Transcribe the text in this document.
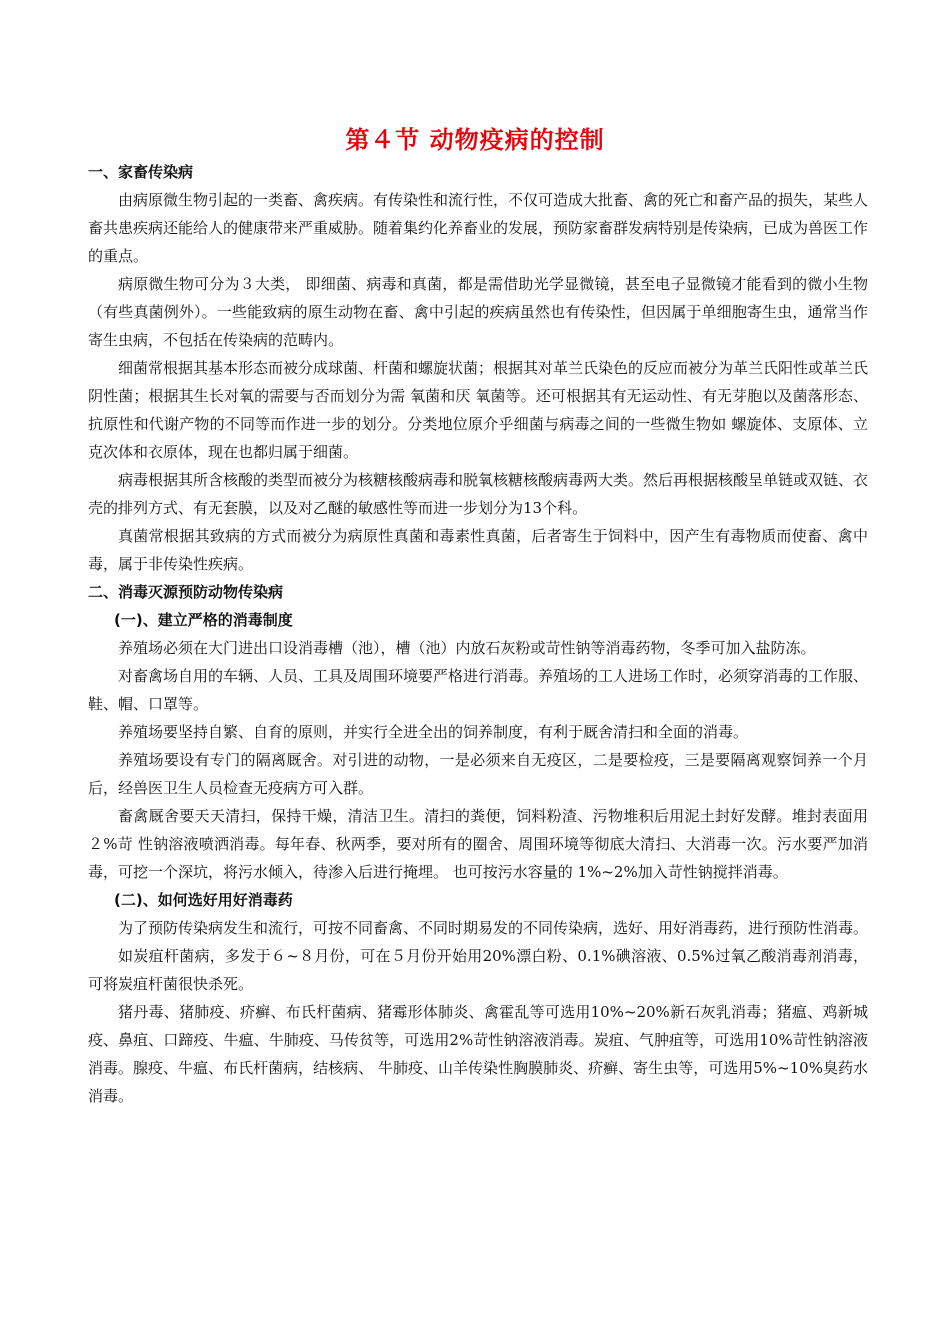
第４节 动物疫病的控制

一、家畜传染病

由病原微生物引起的一类畜、禽疾病。有传染性和流行性，不仅可造成大批畜、禽的死亡和畜产品的损失，某些人畜共患疾病还能给人的健康带来严重威胁。随着集约化养畜业的发展，预防家畜群发病特别是传染病，已成为兽医工作的重点。

病原微生物可分为３大类， 即细菌、病毒和真菌，都是需借助光学显微镜，甚至电子显微镜才能看到的微小生物（有些真菌例外）。一些能致病的原生动物在畜、禽中引起的疾病虽然也有传染性，但因属于单细胞寄生虫，通常当作寄生虫病，不包括在传染病的范畴内。

细菌常根据其基本形态而被分成球菌、杆菌和螺旋状菌；根据其对革兰氏染色的反应而被分为革兰氏阳性或革兰氏阴性菌；根据其生长对氧的需要与否而划分为需 氧菌和厌 氧菌等。还可根据其有无运动性、有无芽胞以及菌落形态、抗原性和代谢产物的不同等而作进一步的划分。分类地位原介乎细菌与病毒之间的一些微生物如 螺旋体、支原体、立克次体和衣原体，现在也都归属于细菌。

病毒根据其所含核酸的类型而被分为核糖核酸病毒和脱氧核糖核酸病毒两大类。然后再根据核酸呈单链或双链、衣壳的排列方式、有无套膜，以及对乙醚的敏感性等而进一步划分为13个科。

真菌常根据其致病的方式而被分为病原性真菌和毒素性真菌，后者寄生于饲料中，因产生有毒物质而使畜、禽中毒，属于非传染性疾病。

二、消毒灭源预防动物传染病

(一)、建立严格的消毒制度

养殖场必须在大门进出口设消毒槽（池），槽（池）内放石灰粉或苛性钠等消毒药物，冬季可加入盐防冻。

对畜禽场自用的车辆、人员、工具及周围环境要严格进行消毒。养殖场的工人进场工作时，必须穿消毒的工作服、鞋、帽、口罩等。

养殖场要坚持自繁、自育的原则，并实行全进全出的饲养制度，有利于厩舍清扫和全面的消毒。

养殖场要设有专门的隔离厩舍。对引进的动物，一是必须来自无疫区，二是要检疫，三是要隔离观察饲养一个月后，经兽医卫生人员检查无疫病方可入群。

畜禽厩舍要天天清扫，保持干燥，清洁卫生。清扫的粪便，饲料粉渣、污物堆积后用泥土封好发酵。堆封表面用２%苛 性钠溶液喷洒消毒。每年春、秋两季，要对所有的圈舍、周围环境等彻底大清扫、大消毒一次。污水要严加消毒，可挖一个深坑，将污水倾入，待渗入后进行掩埋。 也可按污水容量的 1%~2%加入苛性钠搅拌消毒。

(二)、如何选好用好消毒药

为了预防传染病发生和流行，可按不同畜禽、不同时期易发的不同传染病，选好、用好消毒药，进行预防性消毒。

如炭疽杆菌病，多发于６~８月份，可在５月份开始用20%漂白粉、0.1%碘溶液、0.5%过氧乙酸消毒剂消毒，可将炭疽杆菌很快杀死。

猪丹毒、猪肺疫、疥癣、布氏杆菌病、猪霉形体肺炎、禽霍乱等可选用10%~20%新石灰乳消毒；猪瘟、鸡新城 疫、鼻疽、口蹄疫、牛瘟、牛肺疫、马传贫等，可选用2%苛性钠溶液消毒。炭疽、气肿疽等，可选用10%苛性钠溶液消毒。腺疫、牛瘟、布氏杆菌病，结核病、 牛肺疫、山羊传染性胸膜肺炎、疥癣、寄生虫等，可选用5%~10%臭药水消毒。
